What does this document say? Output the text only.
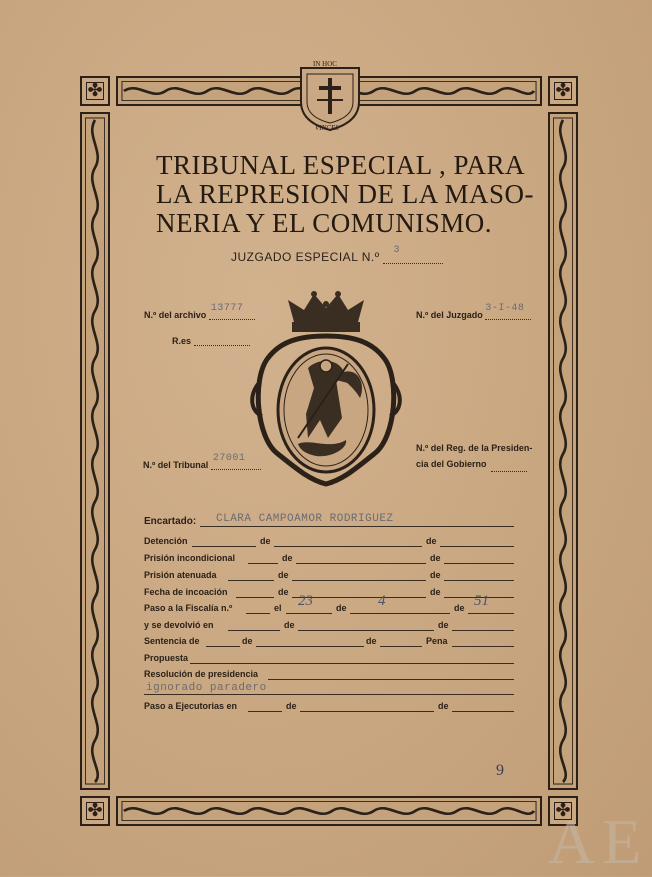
✤
✤
✤
✤
IN HOC
VINCES
TRIBUNAL ESPECIAL , PARA
LA REPRESION DE LA MASO-
NERIA Y EL COMUNISMO.
JUZGADO ESPECIAL N.º 3
N.º del archivo
13777
N.º del Juzgado
3-I-48
R.es
N.º del Tribunal
27001
N.º del Reg. de la Presiden-
cia del Gobierno
Encartado: CLARA CAMPOAMOR RODRIGUEZ
Detención	de	de
Prisión incondicional	de	de
Prisión atenuada	de	de
Fecha de incoación	de	de
Paso a la Fiscalía n.º	el 23	de 4	de 51
y se devolvió en	de	de
Sentencia de	de	de	Pena
Propuesta
Resolución de presidencia
ignorado paradero
Paso a Ejecutorias en	de	de
9
AE
